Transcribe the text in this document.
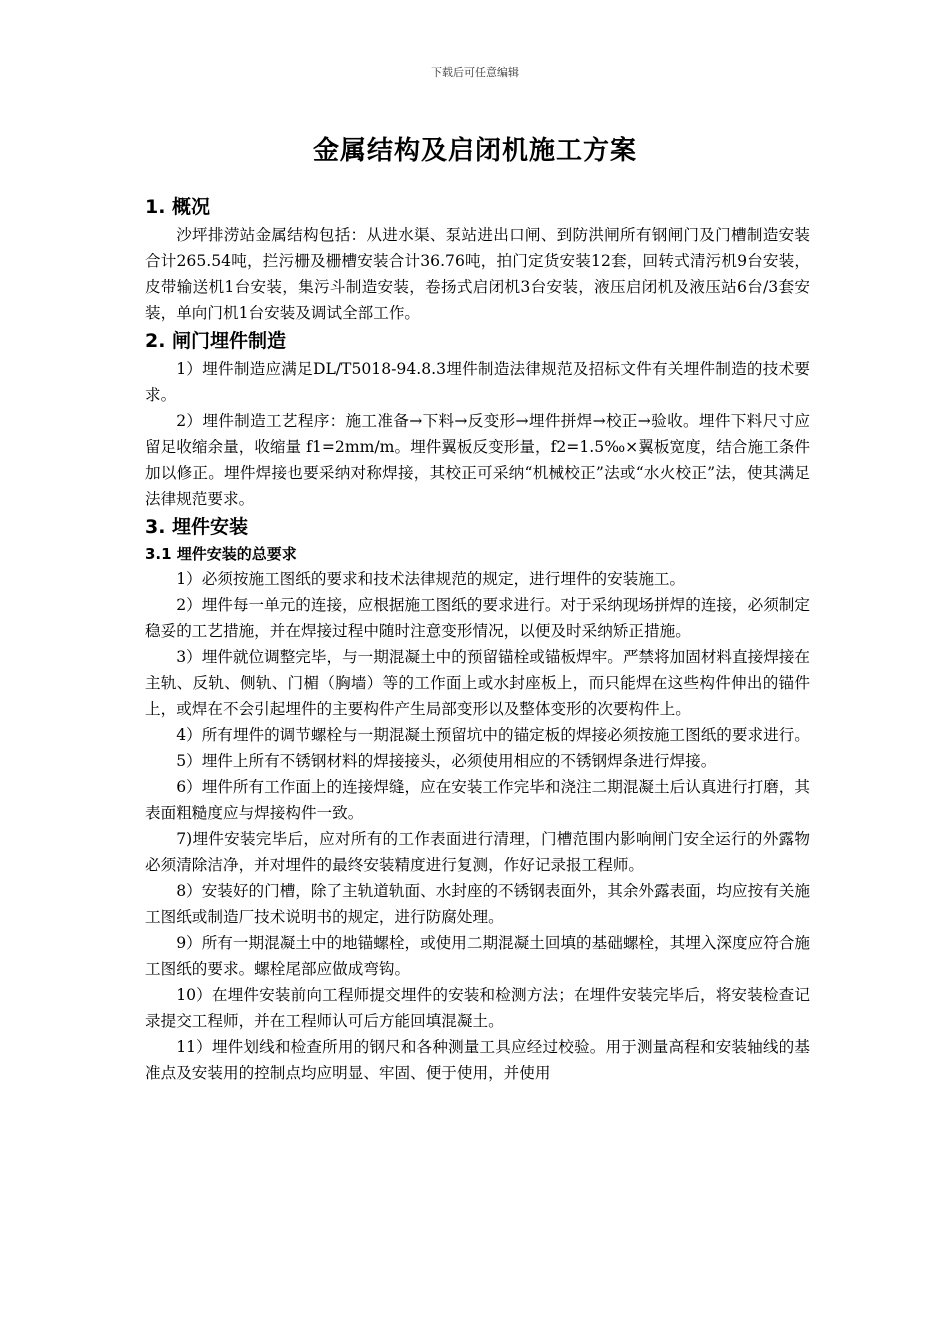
下载后可任意编辑
金属结构及启闭机施工方案
1. 概况

沙坪排涝站金属结构包括：从进水渠、泵站进出口闸、到防洪闸所有钢闸门及门槽制造安装合计265.54吨，拦污栅及栅槽安装合计36.76吨，拍门定货安装12套，回转式清污机9台安装，皮带输送机1台安装，集污斗制造安装，卷扬式启闭机3台安装，液压启闭机及液压站6台/3套安装，单向门机1台安装及调试全部工作。

2. 闸门埋件制造

1）埋件制造应满足DL/T5018-94.8.3埋件制造法律规范及招标文件有关埋件制造的技术要求。

2）埋件制造工艺程序：施工准备→下料→反变形→埋件拼焊→校正→验收。埋件下料尺寸应留足收缩余量，收缩量 f1=2mm/m。埋件翼板反变形量，f2=1.5‰×翼板宽度，结合施工条件加以修正。埋件焊接也要采纳对称焊接，其校正可采纳“机械校正”法或“水火校正”法，使其满足法律规范要求。

3. 埋件安装
3.1 埋件安装的总要求

1）必须按施工图纸的要求和技术法律规范的规定，进行埋件的安装施工。

2）埋件每一单元的连接，应根据施工图纸的要求进行。对于采纳现场拼焊的连接，必须制定稳妥的工艺措施，并在焊接过程中随时注意变形情况，以便及时采纳矫正措施。

3）埋件就位调整完毕，与一期混凝土中的预留锚栓或锚板焊牢。严禁将加固材料直接焊接在主轨、反轨、侧轨、门楣（胸墙）等的工作面上或水封座板上，而只能焊在这些构件伸出的锚件上，或焊在不会引起埋件的主要构件产生局部变形以及整体变形的次要构件上。

4）所有埋件的调节螺栓与一期混凝土预留坑中的锚定板的焊接必须按施工图纸的要求进行。

5）埋件上所有不锈钢材料的焊接接头，必须使用相应的不锈钢焊条进行焊接。

6）埋件所有工作面上的连接焊缝，应在安装工作完毕和浇注二期混凝土后认真进行打磨，其表面粗糙度应与焊接构件一致。

7)埋件安装完毕后，应对所有的工作表面进行清理，门槽范围内影响闸门安全运行的外露物必须清除洁净，并对埋件的最终安装精度进行复测，作好记录报工程师。

8）安装好的门槽，除了主轨道轨面、水封座的不锈钢表面外，其余外露表面，均应按有关施工图纸或制造厂技术说明书的规定，进行防腐处理。

9）所有一期混凝土中的地锚螺栓，或使用二期混凝土回填的基础螺栓，其埋入深度应符合施工图纸的要求。螺栓尾部应做成弯钩。

10）在埋件安装前向工程师提交埋件的安装和检测方法；在埋件安装完毕后，将安装检查记录提交工程师，并在工程师认可后方能回填混凝土。

11）埋件划线和检查所用的钢尺和各种测量工具应经过校验。用于测量高程和安装轴线的基准点及安装用的控制点均应明显、牢固、便于使用，并使用
